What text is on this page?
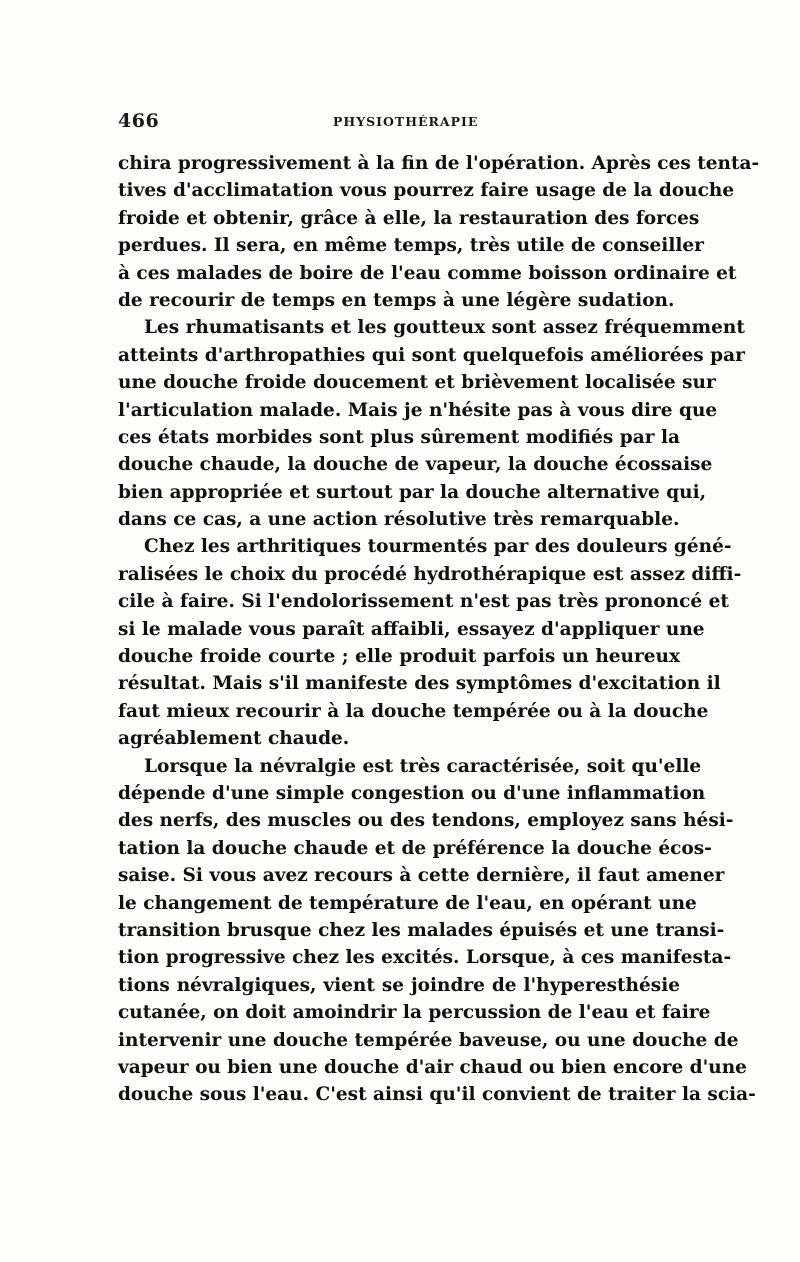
466	PHYSIOTHÉRAPIE
chira progressivement à la fin de l'opération. Après ces tenta-
tives d'acclimatation vous pourrez faire usage de la douche
froide et obtenir, grâce à elle, la restauration des forces
perdues. Il sera, en même temps, très utile de conseiller
à ces malades de boire de l'eau comme boisson ordinaire et
de recourir de temps en temps à une légère sudation.
Les rhumatisants et les goutteux sont assez fréquemment
atteints d'arthropathies qui sont quelquefois améliorées par
une douche froide doucement et brièvement localisée sur
l'articulation malade. Mais je n'hésite pas à vous dire que
ces états morbides sont plus sûrement modifiés par la
douche chaude, la douche de vapeur, la douche écossaise
bien appropriée et surtout par la douche alternative qui,
dans ce cas, a une action résolutive très remarquable.
Chez les arthritiques tourmentés par des douleurs géné-
ralisées le choix du procédé hydrothérapique est assez diffi-
cile à faire. Si l'endolorissement n'est pas très prononcé et
si le malade vous paraît affaibli, essayez d'appliquer une
douche froide courte ; elle produit parfois un heureux
résultat. Mais s'il manifeste des symptômes d'excitation il
faut mieux recourir à la douche tempérée ou à la douche
agréablement chaude.
Lorsque la névralgie est très caractérisée, soit qu'elle
dépende d'une simple congestion ou d'une inflammation
des nerfs, des muscles ou des tendons, employez sans hési-
tation la douche chaude et de préférence la douche écos-
saise. Si vous avez recours à cette dernière, il faut amener
le changement de température de l'eau, en opérant une
transition brusque chez les malades épuisés et une transi-
tion progressive chez les excités. Lorsque, à ces manifesta-
tions névralgiques, vient se joindre de l'hyperesthésie
cutanée, on doit amoindrir la percussion de l'eau et faire
intervenir une douche tempérée baveuse, ou une douche de
vapeur ou bien une douche d'air chaud ou bien encore d'une
douche sous l'eau. C'est ainsi qu'il convient de traiter la scia-
